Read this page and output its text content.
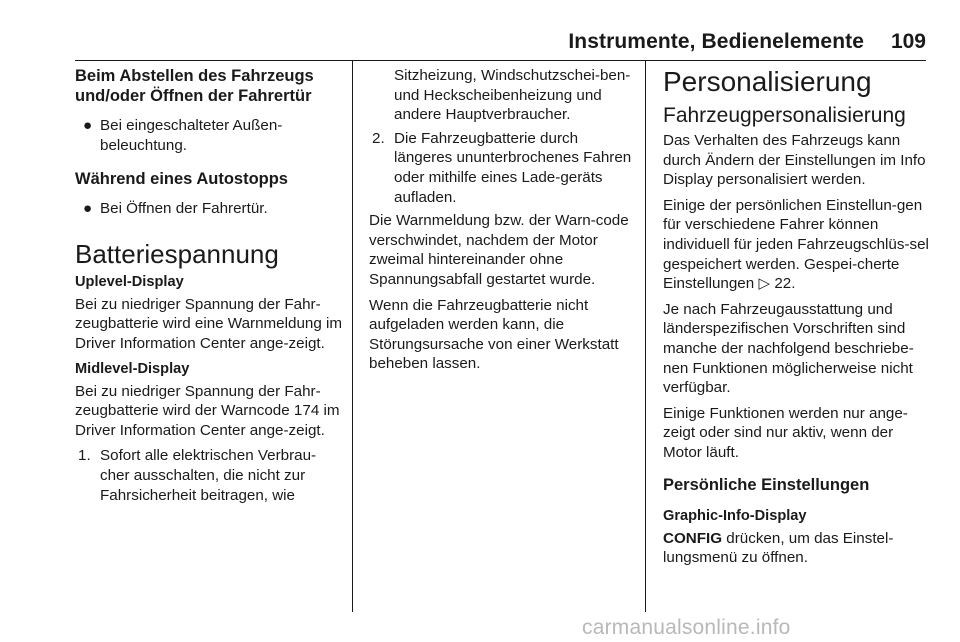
Instrumente, Bedienelemente 109

Beim Abstellen des Fahrzeugs und/oder Öffnen der Fahrertür

● Bei eingeschalteter Außen-beleuchtung.

Während eines Autostopps

● Bei Öffnen der Fahrertür.
Batteriespannung

Uplevel-Display

Bei zu niedriger Spannung der Fahr-zeugbatterie wird eine Warnmeldung im Driver Information Center ange-zeigt.

Midlevel-Display

Bei zu niedriger Spannung der Fahr-zeugbatterie wird der Warncode 174 im Driver Information Center ange-zeigt.

1. Sofort alle elektrischen Verbrau-cher ausschalten, die nicht zur Fahrsicherheit beitragen, wie

Sitzheizung, Windschutzschei-ben- und Heckscheibenheizung und andere Hauptverbraucher.

2. Die Fahrzeugbatterie durch längeres ununterbrochenes Fahren oder mithilfe eines Lade-geräts aufladen.

Die Warnmeldung bzw. der Warn-code verschwindet, nachdem der Motor zweimal hintereinander ohne Spannungsabfall gestartet wurde.

Wenn die Fahrzeugbatterie nicht aufgeladen werden kann, die Störungsursache von einer Werkstatt beheben lassen.

Personalisierung
Fahrzeugpersonalisierung

Das Verhalten des Fahrzeugs kann durch Ändern der Einstellungen im Info Display personalisiert werden.

Einige der persönlichen Einstellun-gen für verschiedene Fahrer können individuell für jeden Fahrzeugschlüs-sel gespeichert werden. Gespei-cherte Einstellungen ▷ 22.

Je nach Fahrzeugausstattung und länderspezifischen Vorschriften sind manche der nachfolgend beschriebe-nen Funktionen möglicherweise nicht verfügbar.

Einige Funktionen werden nur ange-zeigt oder sind nur aktiv, wenn der Motor läuft.

Persönliche Einstellungen

Graphic-Info-Display

CONFIG drücken, um das Einstel-lungsmenü zu öffnen.

carmanualsonline.info
